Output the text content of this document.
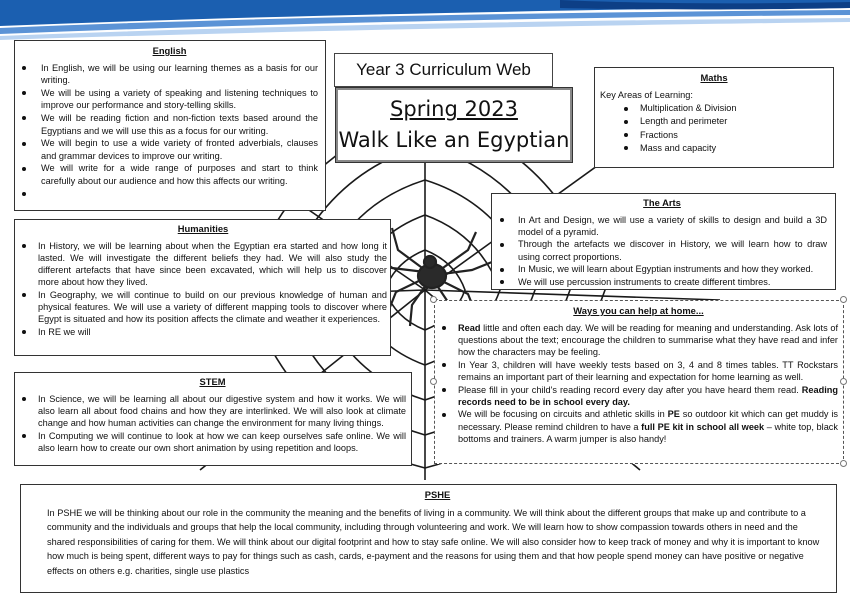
English
In English, we will be using our learning themes as a basis for our writing.
We will be using a variety of speaking and listening techniques to improve our performance and story-telling skills.
We will be reading fiction and non-fiction texts based around the Egyptians and we will use this as a focus for our writing.
We will begin to use a wide variety of fronted adverbials, clauses and grammar devices to improve our writing.
We will write for a wide range of purposes and start to think carefully about our audience and how this affects our writing.
Year 3 Curriculum Web
Spring 2023
Walk Like an Egyptian
Maths
Key Areas of Learning:
Multiplication & Division
Length and perimeter
Fractions
Mass and capacity
The Arts
In Art and Design, we will use a variety of skills to design and build a 3D model of a pyramid.
Through the artefacts we discover in History, we will learn how to draw using correct proportions.
In Music, we will learn about Egyptian instruments and how they worked.
We will use percussion instruments to create different timbres.
Humanities
In History, we will be learning about when the Egyptian era started and how long it lasted. We will investigate the different beliefs they had. We will also study the different artefacts that have since been excavated, which will help us to discover more about how they lived.
In Geography, we will continue to build on our previous knowledge of human and physical features. We will use a variety of different mapping tools to discover where Egypt is situated and how its position affects the climate and weather it experiences.
In RE we will
Ways you can help at home...
Read little and often each day. We will be reading for meaning and understanding. Ask lots of questions about the text; encourage the children to summarise what they have read and infer how the characters may be feeling.
In Year 3, children will have weekly tests based on 3, 4 and 8 times tables. TT Rockstars remains an important part of their learning and expectation for home learning as well.
Please fill in your child's reading record every day after you have heard them read. Reading records need to be in school every day.
We will be focusing on circuits and athletic skills in PE so outdoor kit which can get muddy is necessary. Please remind children to have a full PE kit in school all week – white top, black bottoms and trainers. A warm jumper is also handy!
STEM
In Science, we will be learning all about our digestive system and how it works. We will also learn all about food chains and how they are interlinked. We will also look at climate change and how human activities can change the environment for many living things.
In Computing we will continue to look at how we can keep ourselves safe online. We will also learn how to create our own short animation by using repetition and loops.
PSHE

In PSHE we will be thinking about our role in the community the meaning and the benefits of living in a community. We will think about the different groups that make up and contribute to a community and the individuals and groups that help the local community, including through volunteering and work. We will learn how to show compassion towards others in need and the shared responsibilities of caring for them. We will think about our digital footprint and how to stay safe online. We will also consider how to keep track of money and why it is important to know how much is being spent, different ways to pay for things such as cash, cards, e-payment and the reasons for using them and that how people spend money can have positive or negative effects on others e.g. charities, single use plastics
